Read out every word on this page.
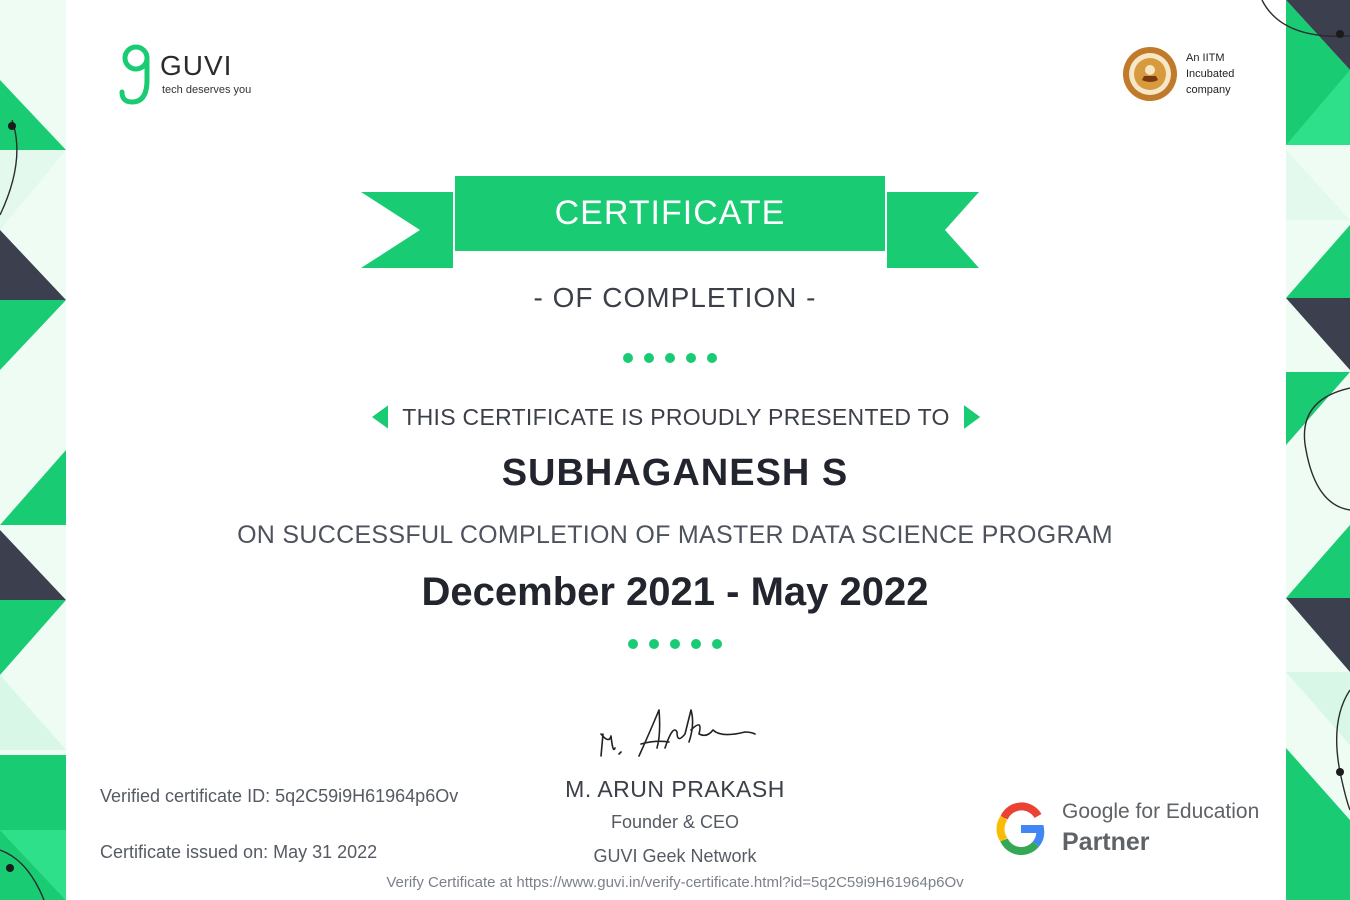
GUVI
tech deserves you
An IITM
Incubated
company
CERTIFICATE
- OF COMPLETION -
THIS CERTIFICATE IS PROUDLY PRESENTED TO
SUBHAGANESH S
ON SUCCESSFUL COMPLETION OF MASTER DATA SCIENCE PROGRAM
December 2021 - May 2022
M. ARUN PRAKASH
Founder & CEO
GUVI Geek Network
Verified certificate ID: 5q2C59i9H61964p6Ov
Certificate issued on: May 31 2022
Verify Certificate at https://www.guvi.in/verify-certificate.html?id=5q2C59i9H61964p6Ov
Google for Education
Partner
